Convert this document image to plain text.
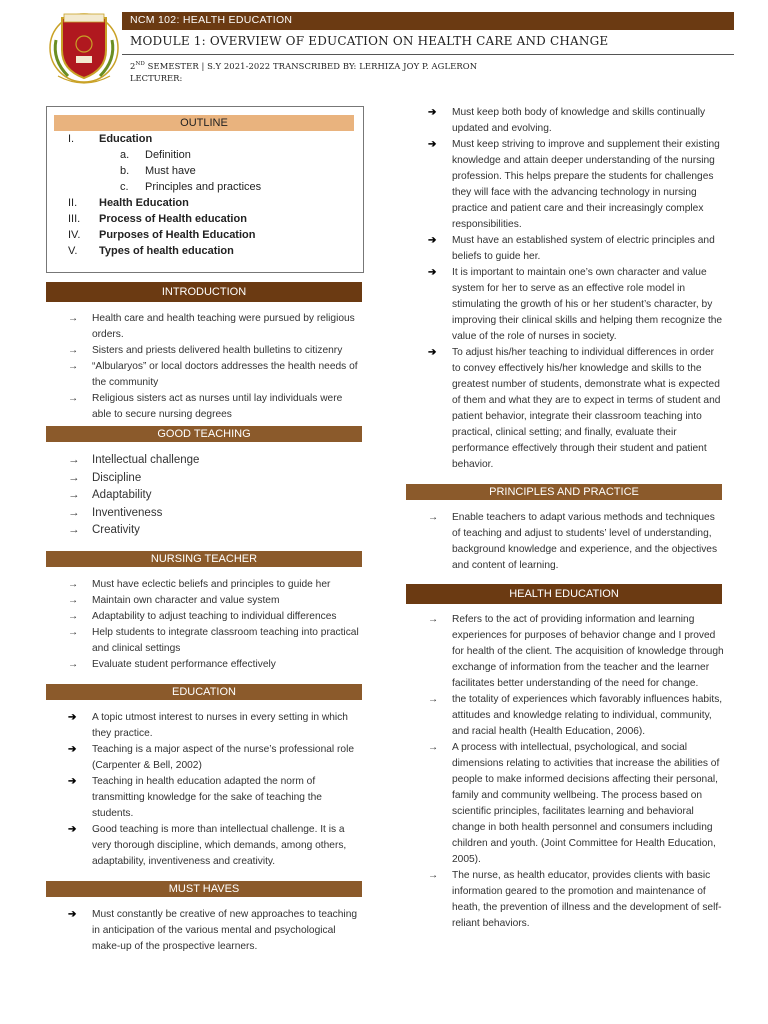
NCM 102: HEALTH EDUCATION
MODULE 1: OVERVIEW OF EDUCATION ON HEALTH CARE AND CHANGE
2ND SEMESTER | S.Y 2021-2022 TRANSCRIBED BY: LERHIZA JOY P. AGLERON
LECTURER:
OUTLINE
INTRODUCTION
→	Health care and health teaching were pursued by religious orders.
→	Sisters and priests delivered health bulletins to citizenry
→	“Albularyos” or local doctors addresses the health needs of the community
→	Religious sisters act as nurses until lay individuals were able to secure nursing degrees
GOOD TEACHING
→	Intellectual challenge
→	Discipline
→	Adaptability
→	Inventiveness
→	Creativity
NURSING TEACHER
→	Must have eclectic beliefs and principles to guide her
→	Maintain own character and value system
→	Adaptability to adjust teaching to individual differences
→	Help students to integrate classroom teaching into practical and clinical settings
→	Evaluate student performance effectively
EDUCATION
➔	A topic utmost interest to nurses in every setting in which they practice.
➔	Teaching is a major aspect of the nurse’s professional role (Carpenter & Bell, 2002)
➔	Teaching in health education adapted the norm of transmitting knowledge for the sake of teaching the students.
➔	Good teaching is more than intellectual challenge. It is a very thorough discipline, which demands, among others, adaptability, inventiveness and creativity.
MUST HAVES
➔	Must constantly be creative of new approaches to teaching in anticipation of the various mental and psychological make-up of the prospective learners.
➔	Must keep both body of knowledge and skills continually updated and evolving.
➔	Must keep striving to improve and supplement their existing knowledge and attain deeper understanding of the nursing profession. This helps prepare the students for challenges they will face with the advancing technology in nursing practice and patient care and their increasingly complex responsibilities.
➔	Must have an established system of electric principles and beliefs to guide her.
➔	It is important to maintain one’s own character and value system for her to serve as an effective role model in stimulating the growth of his or her student’s character, by improving their clinical skills and helping them recognize the value of the role of nurses in society.
➔	To adjust his/her teaching to individual differences in order to convey effectively his/her knowledge and skills to the greatest number of students, demonstrate what is expected of them and what they are to expect in terms of student and patient behavior, integrate their classroom teaching into practical, clinical setting; and finally, evaluate their performance effectively through their student and patient behavior.
PRINCIPLES AND PRACTICE
→	Enable teachers to adapt various methods and techniques of teaching and adjust to students’ level of understanding, background knowledge and experience, and the objectives and content of learning.
HEALTH EDUCATION
→	Refers to the act of providing information and learning experiences for purposes of behavior change and I proved for health of the client. The acquisition of knowledge through exchange of information from the teacher and the learner facilitates better understanding of the need for change.
→	the totality of experiences which favorably influences habits, attitudes and knowledge relating to individual, community, and racial health (Health Education, 2006).
→	A process with intellectual, psychological, and social dimensions relating to activities that increase the abilities of people to make informed decisions affecting their personal, family and community wellbeing. The process based on scientific principles, facilitates learning and behavioral change in both health personnel and consumers including children and youth. (Joint Committee for Health Education, 2005).
→	The nurse, as health educator, provides clients with basic information geared to the promotion and maintenance of heath, the prevention of illness and the development of self-reliant behaviors.
I. Education
a. Definition
b. Must have
c. Principles and practices
II. Health Education
III. Process of Health education
IV. Purposes of Health Education
V. Types of health education
